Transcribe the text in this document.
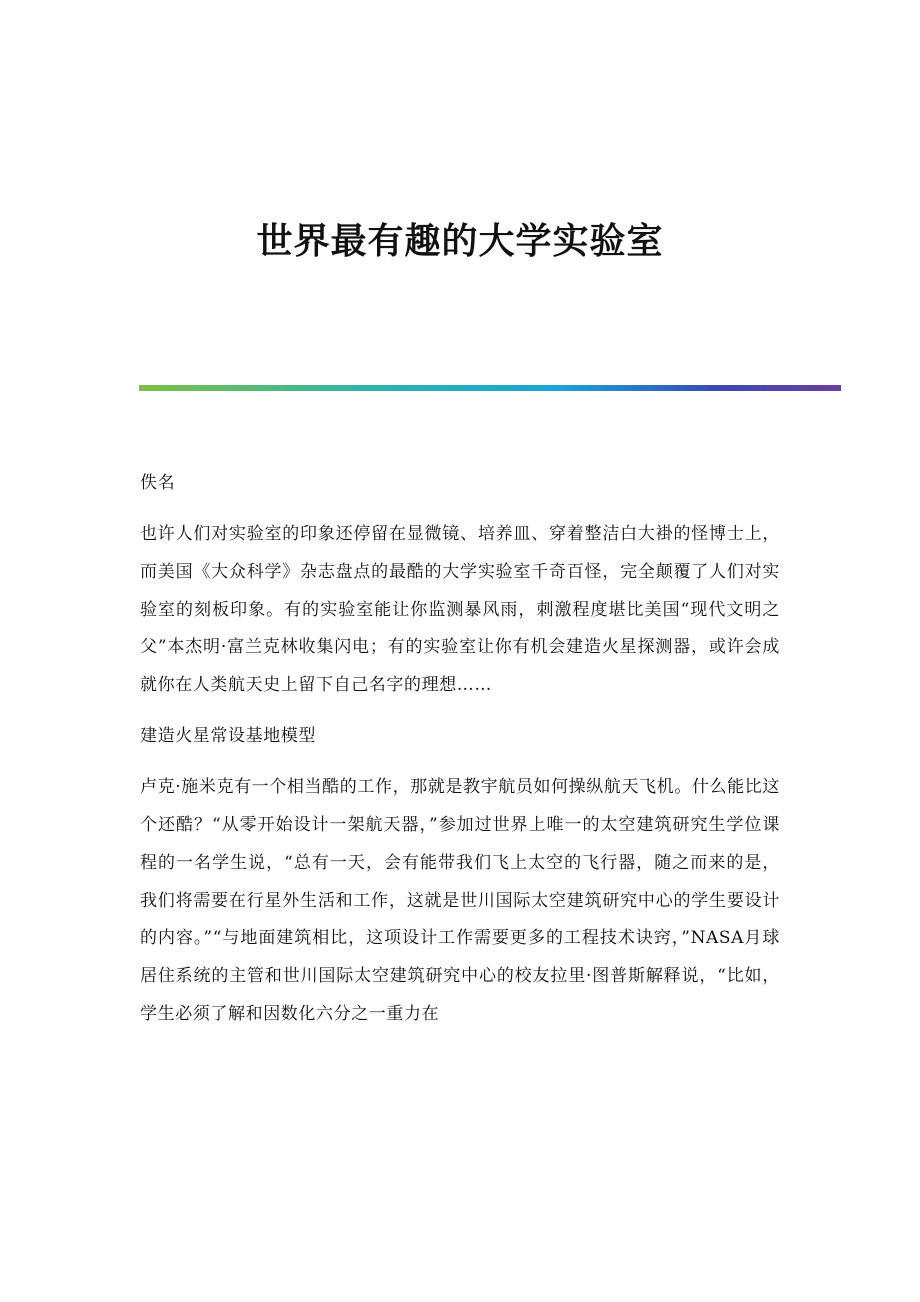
世界最有趣的大学实验室

佚名

也许人们对实验室的印象还停留在显微镜、培养皿、穿着整洁白大褂的怪博士上，而美国《大众科学》杂志盘点的最酷的大学实验室千奇百怪，完全颠覆了人们对实验室的刻板印象。有的实验室能让你监测暴风雨，刺激程度堪比美国“现代文明之父”本杰明·富兰克林收集闪电；有的实验室让你有机会建造火星探测器，或许会成就你在人类航天史上留下自己名字的理想……

建造火星常设基地模型

卢克·施米克有一个相当酷的工作，那就是教宇航员如何操纵航天飞机。什么能比这个还酷？“从零开始设计一架航天器，”参加过世界上唯一的太空建筑研究生学位课程的一名学生说，“总有一天，会有能带我们飞上太空的飞行器，随之而来的是，我们将需要在行星外生活和工作，这就是世川国际太空建筑研究中心的学生要设计的内容。”“与地面建筑相比，这项设计工作需要更多的工程技术诀窍，”NASA月球居住系统的主管和世川国际太空建筑研究中心的校友拉里·图普斯解释说，“比如，学生必须了解和因数化六分之一重力在
